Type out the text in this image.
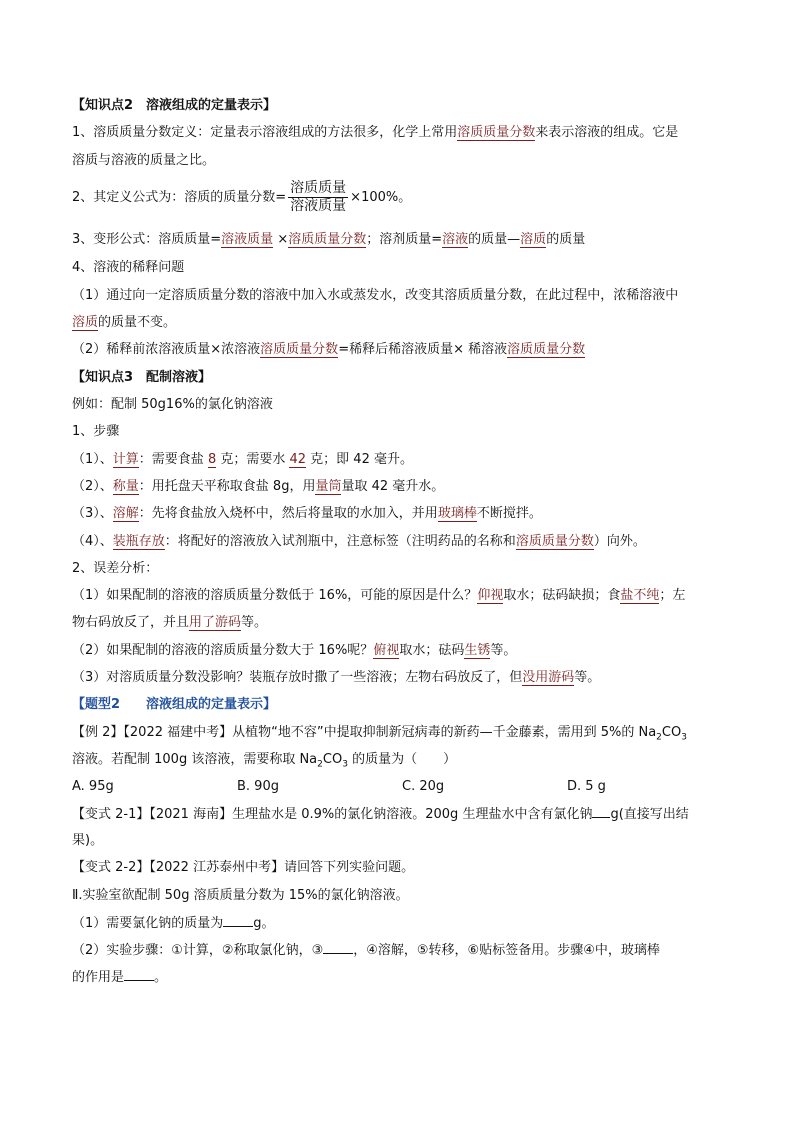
【知识点2　溶液组成的定量表示】

1、溶质质量分数定义：定量表示溶液组成的方法很多，化学上常用溶质质量分数来表示溶液的组成。它是

溶质与溶液的质量之比。

2、其定义公式为：溶质的质量分数= $\frac{\text{溶质质量}}{\text{溶液质量}} \times 100\%$。

3、变形公式：溶质质量=溶液质量 ×溶质质量分数；溶剂质量=溶液的质量—溶质的质量

4、溶液的稀释问题

（1）通过向一定溶质质量分数的溶液中加入水或蒸发水，改变其溶质质量分数，在此过程中，浓稀溶液中

溶质的质量不变。

（2）稀释前浓溶液质量×浓溶液溶质质量分数=稀释后稀溶液质量× 稀溶液溶质质量分数

【知识点3　配制溶液】

例如：配制 50g16%的氯化钠溶液

1、步骤

（1）、计算：需要食盐 8 克；需要水 42 克；即 42 毫升。

（2）、称量：用托盘天平称取食盐 8g，用量筒量取 42 毫升水。

（3）、溶解：先将食盐放入烧杯中，然后将量取的水加入，并用玻璃棒不断搅拌。

（4）、装瓶存放：将配好的溶液放入试剂瓶中，注意标签（注明药品的名称和溶质质量分数）向外。

2、误差分析：

（1）如果配制的溶液的溶质质量分数低于 16%，可能的原因是什么？仰视取水；砝码缺损；食盐不纯；左

物右码放反了，并且用了游码等。

（2）如果配制的溶液的溶质质量分数大于 16%呢？俯视取水；砝码生锈等。

（3）对溶质质量分数没影响？装瓶存放时撒了一些溶液；左物右码放反了，但没用游码等。

【题型2　　溶液组成的定量表示】

【例 2】【2022 福建中考】从植物“地不容”中提取抑制新冠病毒的新药—千金藤素，需用到 5%的 $Na_2CO_3$

溶液。若配制 100g 该溶液，需要称取 $Na_2CO_3$ 的质量为（　　）

A. 95g	B. 90g	C. 20g	D. 5 g

【变式 2-1】【2021 海南】生理盐水是 0.9%的氯化钠溶液。200g 生理盐水中含有氯化钠 g(直接写出结

果)。

【变式 2-2】【2022 江苏泰州中考】请回答下列实验问题。

Ⅱ.实验室欲配制 50g 溶质质量分数为 15%的氯化钠溶液。

（1）需要氯化钠的质量为 g。

（2）实验步骤：①计算，②称取氯化钠，③ ，④溶解，⑤转移，⑥贴标签备用。步骤④中，玻璃棒

的作用是 。
